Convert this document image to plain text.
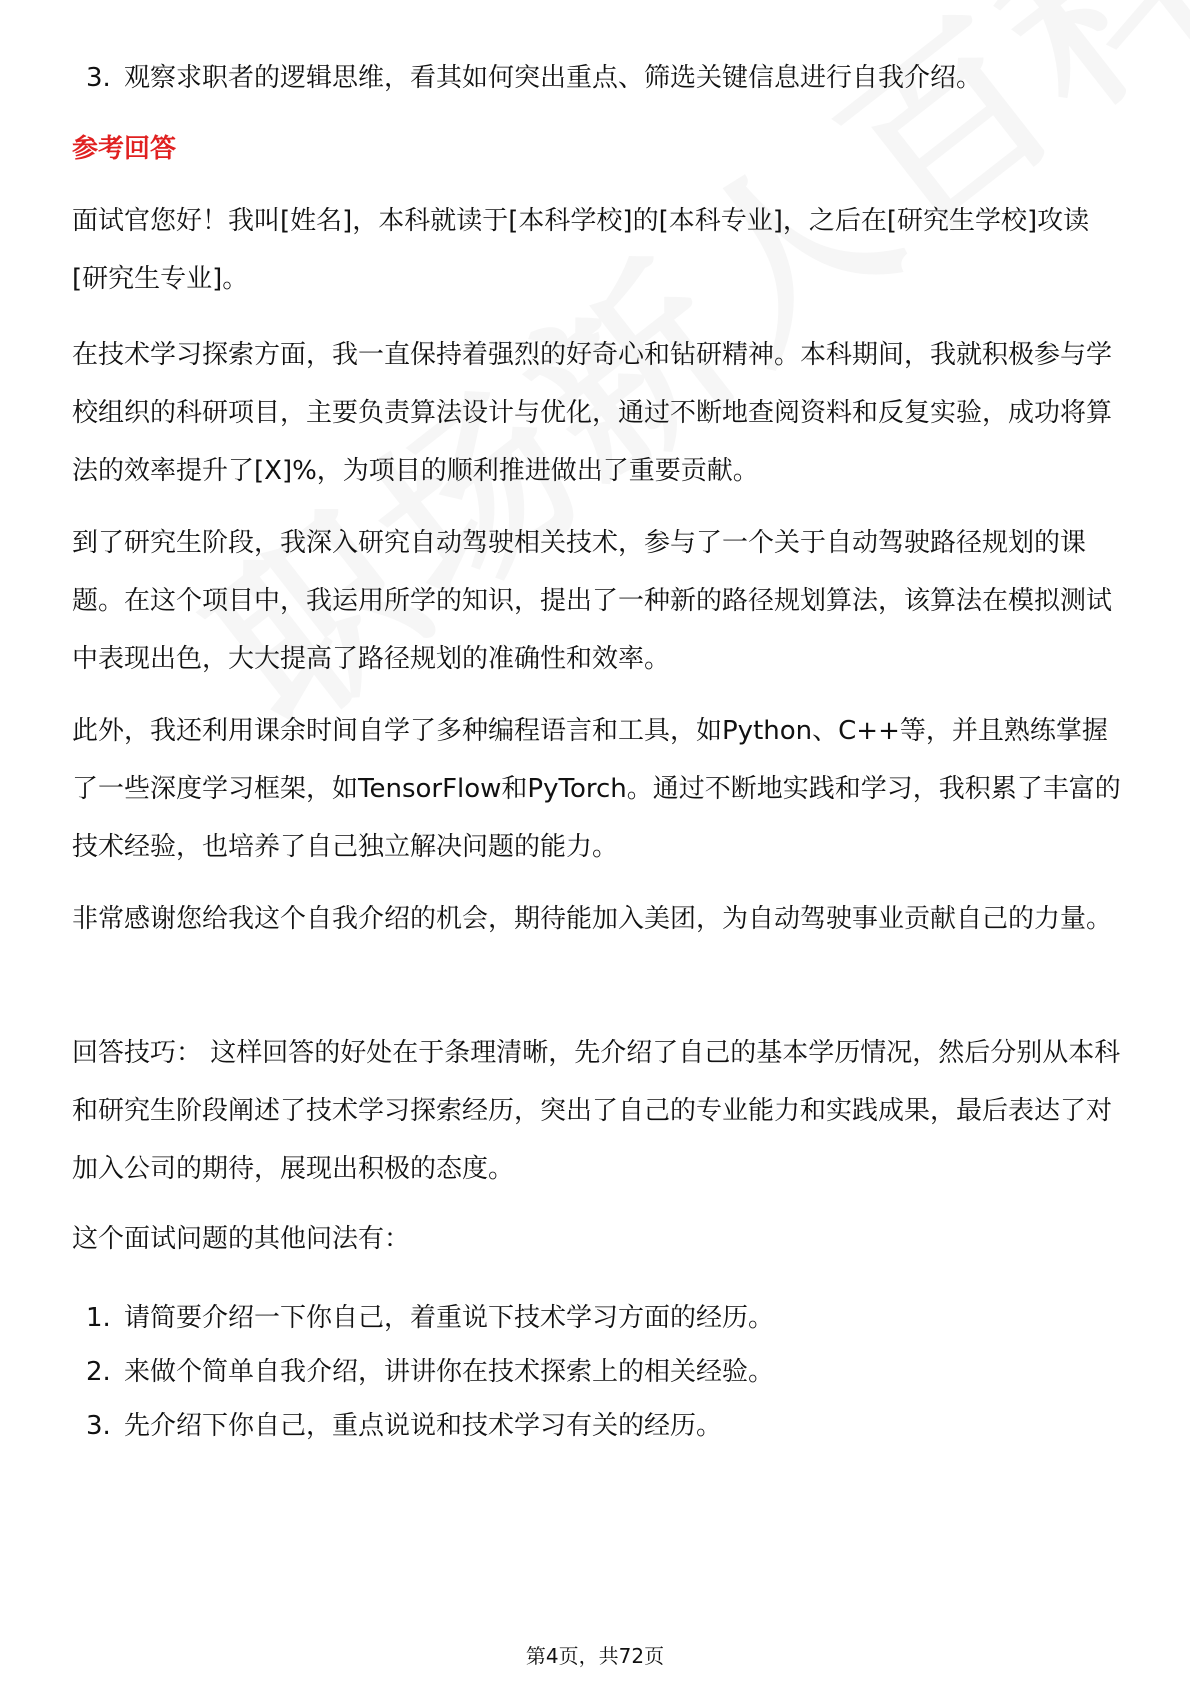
3. 观察求职者的逻辑思维，看其如何突出重点、筛选关键信息进行自我介绍。
参考回答

面试官您好！我叫[姓名]，本科就读于[本科学校]的[本科专业]，之后在[研究生学校]攻读[研究生专业]。

在技术学习探索方面，我一直保持着强烈的好奇心和钻研精神。本科期间，我就积极参与学校组织的科研项目，主要负责算法设计与优化，通过不断地查阅资料和反复实验，成功将算法的效率提升了[X]%，为项目的顺利推进做出了重要贡献。

到了研究生阶段，我深入研究自动驾驶相关技术，参与了一个关于自动驾驶路径规划的课题。在这个项目中，我运用所学的知识，提出了一种新的路径规划算法，该算法在模拟测试中表现出色，大大提高了路径规划的准确性和效率。

此外，我还利用课余时间自学了多种编程语言和工具，如Python、C++等，并且熟练掌握了一些深度学习框架，如TensorFlow和PyTorch。通过不断地实践和学习，我积累了丰富的技术经验，也培养了自己独立解决问题的能力。

非常感谢您给我这个自我介绍的机会，期待能加入美团，为自动驾驶事业贡献自己的力量。

回答技巧： 这样回答的好处在于条理清晰，先介绍了自己的基本学历情况，然后分别从本科和研究生阶段阐述了技术学习探索经历，突出了自己的专业能力和实践成果，最后表达了对加入公司的期待，展现出积极的态度。

这个面试问题的其他问法有：

1. 请简要介绍一下你自己，着重说下技术学习方面的经历。
2. 来做个简单自我介绍，讲讲你在技术探索上的相关经验。
3. 先介绍下你自己，重点说说和技术学习有关的经历。
第4页，共72页
